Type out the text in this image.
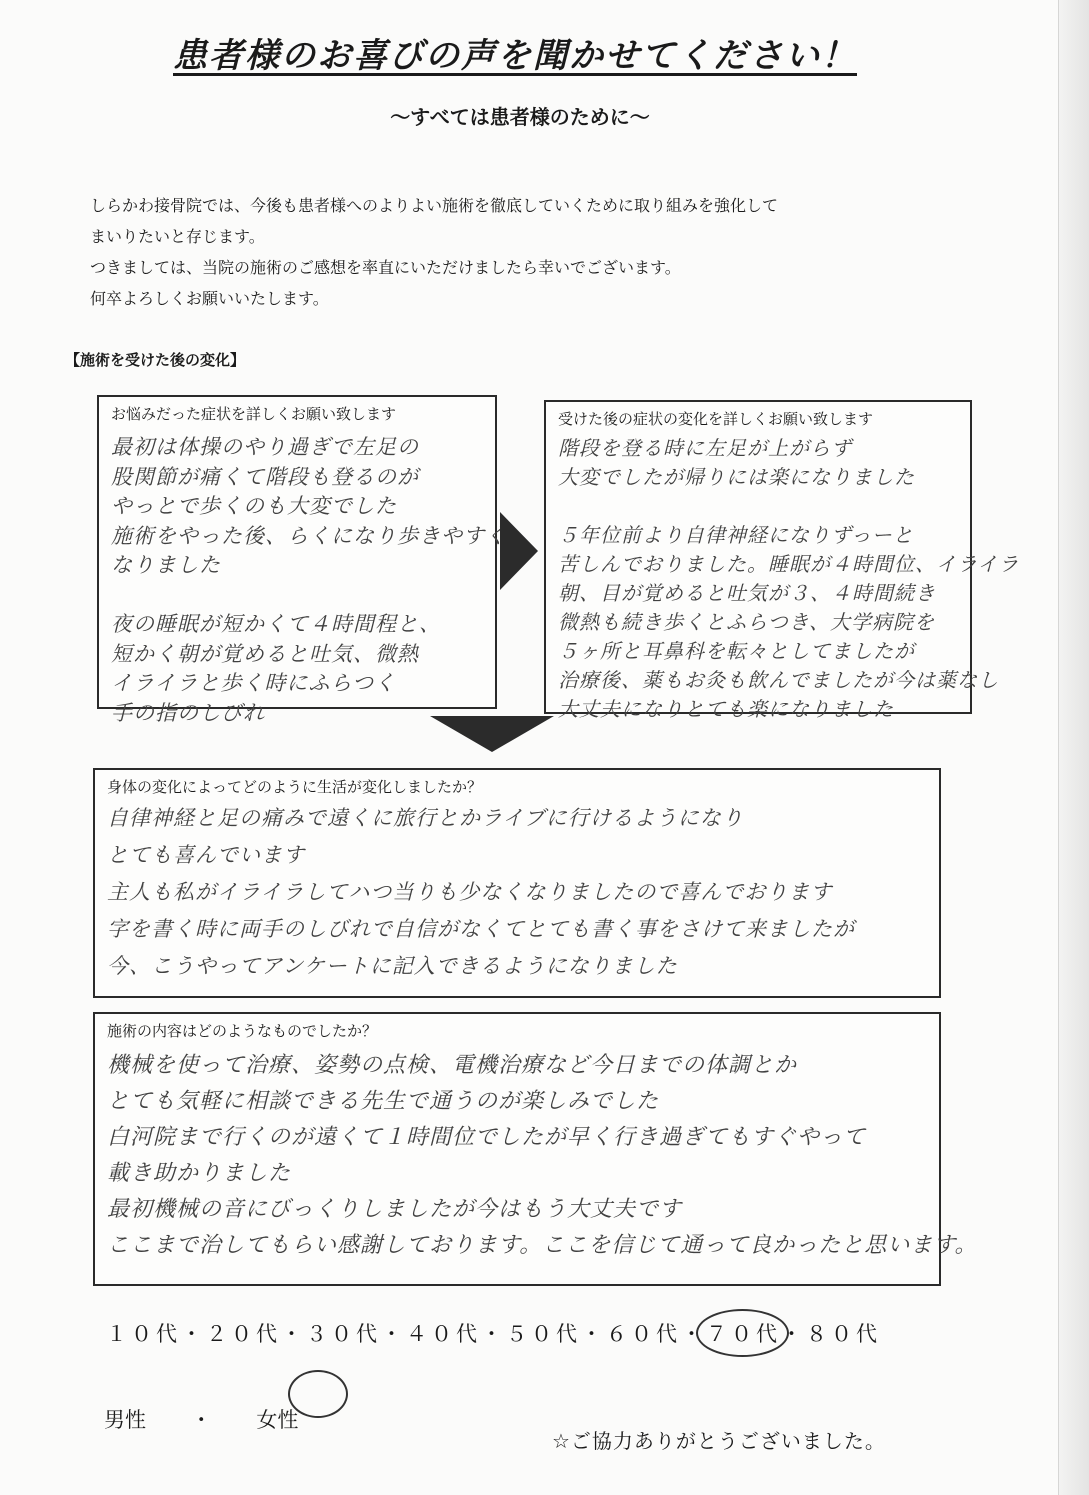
患者様のお喜びの声を聞かせてください！
～すべては患者様のために～
しらかわ接骨院では、今後も患者様へのよりよい施術を徹底していくために取り組みを強化して
まいりたいと存じます。
つきましては、当院の施術のご感想を率直にいただけましたら幸いでございます。
何卒よろしくお願いいたします。
【施術を受けた後の変化】
お悩みだった症状を詳しくお願い致します
最初は体操のやり過ぎで左足の
股関節が痛くて階段も登るのが
やっとで歩くのも大変でした
施術をやった後、らくになり歩きやすく
なりました

夜の睡眠が短かくて４時間程と、
短かく朝が覚めると吐気、微熱
イライラと歩く時にふらつく
手の指のしびれ
受けた後の症状の変化を詳しくお願い致します
階段を登る時に左足が上がらず
大変でしたが帰りには楽になりました

５年位前より自律神経になりずっーと
苦しんでおりました。睡眠が４時間位、イライラ
朝、目が覚めると吐気が３、４時間続き
微熱も続き歩くとふらつき、大学病院を
５ヶ所と耳鼻科を転々としてましたが
治療後、薬もお灸も飲んでましたが今は薬なし
大丈夫になりとても楽になりました
身体の変化によってどのように生活が変化しましたか？
自律神経と足の痛みで遠くに旅行とかライブに行けるようになり
とても喜んでいます
主人も私がイライラしてハつ当りも少なくなりましたので喜んでおります
字を書く時に両手のしびれで自信がなくてとても書く事をさけて来ましたが
今、こうやってアンケートに記入できるようになりました
施術の内容はどのようなものでしたか？
機械を使って治療、姿勢の点検、電機治療など今日までの体調とか
とても気軽に相談できる先生で通うのが楽しみでした
白河院まで行くのが遠くて１時間位でしたが早く行き過ぎてもすぐやって
載き助かりました
最初機械の音にびっくりしましたが今はもう大丈夫です
ここまで治してもらい感謝しております。ここを信じて通って良かったと思います。
１０代・２０代・３０代・４０代・５０代・６０代・７０代
・８０代
男性 ・ 女性
☆ご協力ありがとうございました。
